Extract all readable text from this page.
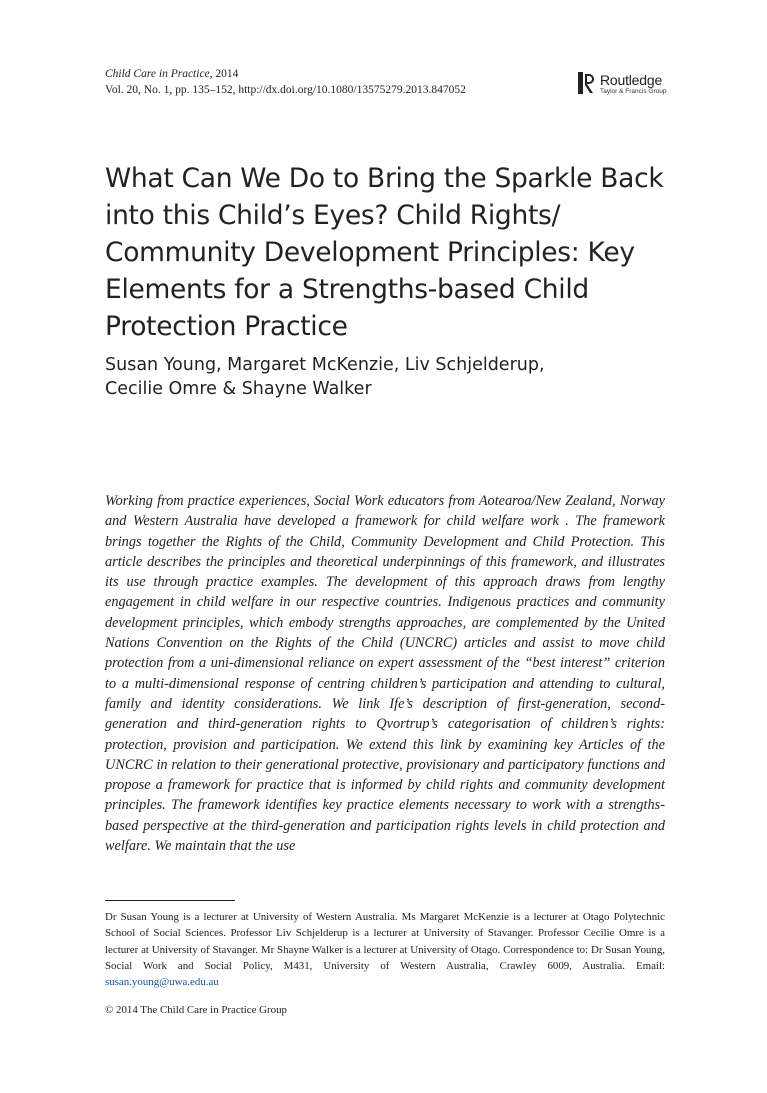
Child Care in Practice, 2014
Vol. 20, No. 1, pp. 135–152, http://dx.doi.org/10.1080/13575279.2013.847052
Routledge
Taylor & Francis Group
What Can We Do to Bring the Sparkle Back into this Child’s Eyes? Child Rights/ Community Development Principles: Key Elements for a Strengths-based Child Protection Practice
Susan Young, Margaret McKenzie, Liv Schjelderup,
Cecilie Omre & Shayne Walker
Working from practice experiences, Social Work educators from Aotearoa/New Zealand, Norway and Western Australia have developed a framework for child welfare work . The framework brings together the Rights of the Child, Community Development and Child Protection. This article describes the principles and theoretical underpinnings of this framework, and illustrates its use through practice examples. The development of this approach draws from lengthy engagement in child welfare in our respective countries. Indigenous practices and community development principles, which embody strengths approaches, are complemented by the United Nations Convention on the Rights of the Child (UNCRC) articles and assist to move child protection from a uni-dimensional reliance on expert assessment of the “best interest” criterion to a multi-dimensional response of centring children’s participation and attending to cultural, family and identity considerations. We link Ife’s description of first-generation, second-generation and third-generation rights to Qvortrup’s categorisation of children’s rights: protection, provision and participation. We extend this link by examining key Articles of the UNCRC in relation to their generational protective, provisionary and participatory functions and propose a framework for practice that is informed by child rights and community development principles. The framework identifies key practice elements necessary to work with a strengths-based perspective at the third-generation and participation rights levels in child protection and welfare. We maintain that the use
Dr Susan Young is a lecturer at University of Western Australia. Ms Margaret McKenzie is a lecturer at Otago Polytechnic School of Social Sciences. Professor Liv Schjelderup is a lecturer at University of Stavanger. Professor Cecilie Omre is a lecturer at University of Stavanger. Mr Shayne Walker is a lecturer at University of Otago. Correspondence to: Dr Susan Young, Social Work and Social Policy, M431, University of Western Australia, Crawley 6009, Australia. Email: susan.young@uwa.edu.au
© 2014 The Child Care in Practice Group
